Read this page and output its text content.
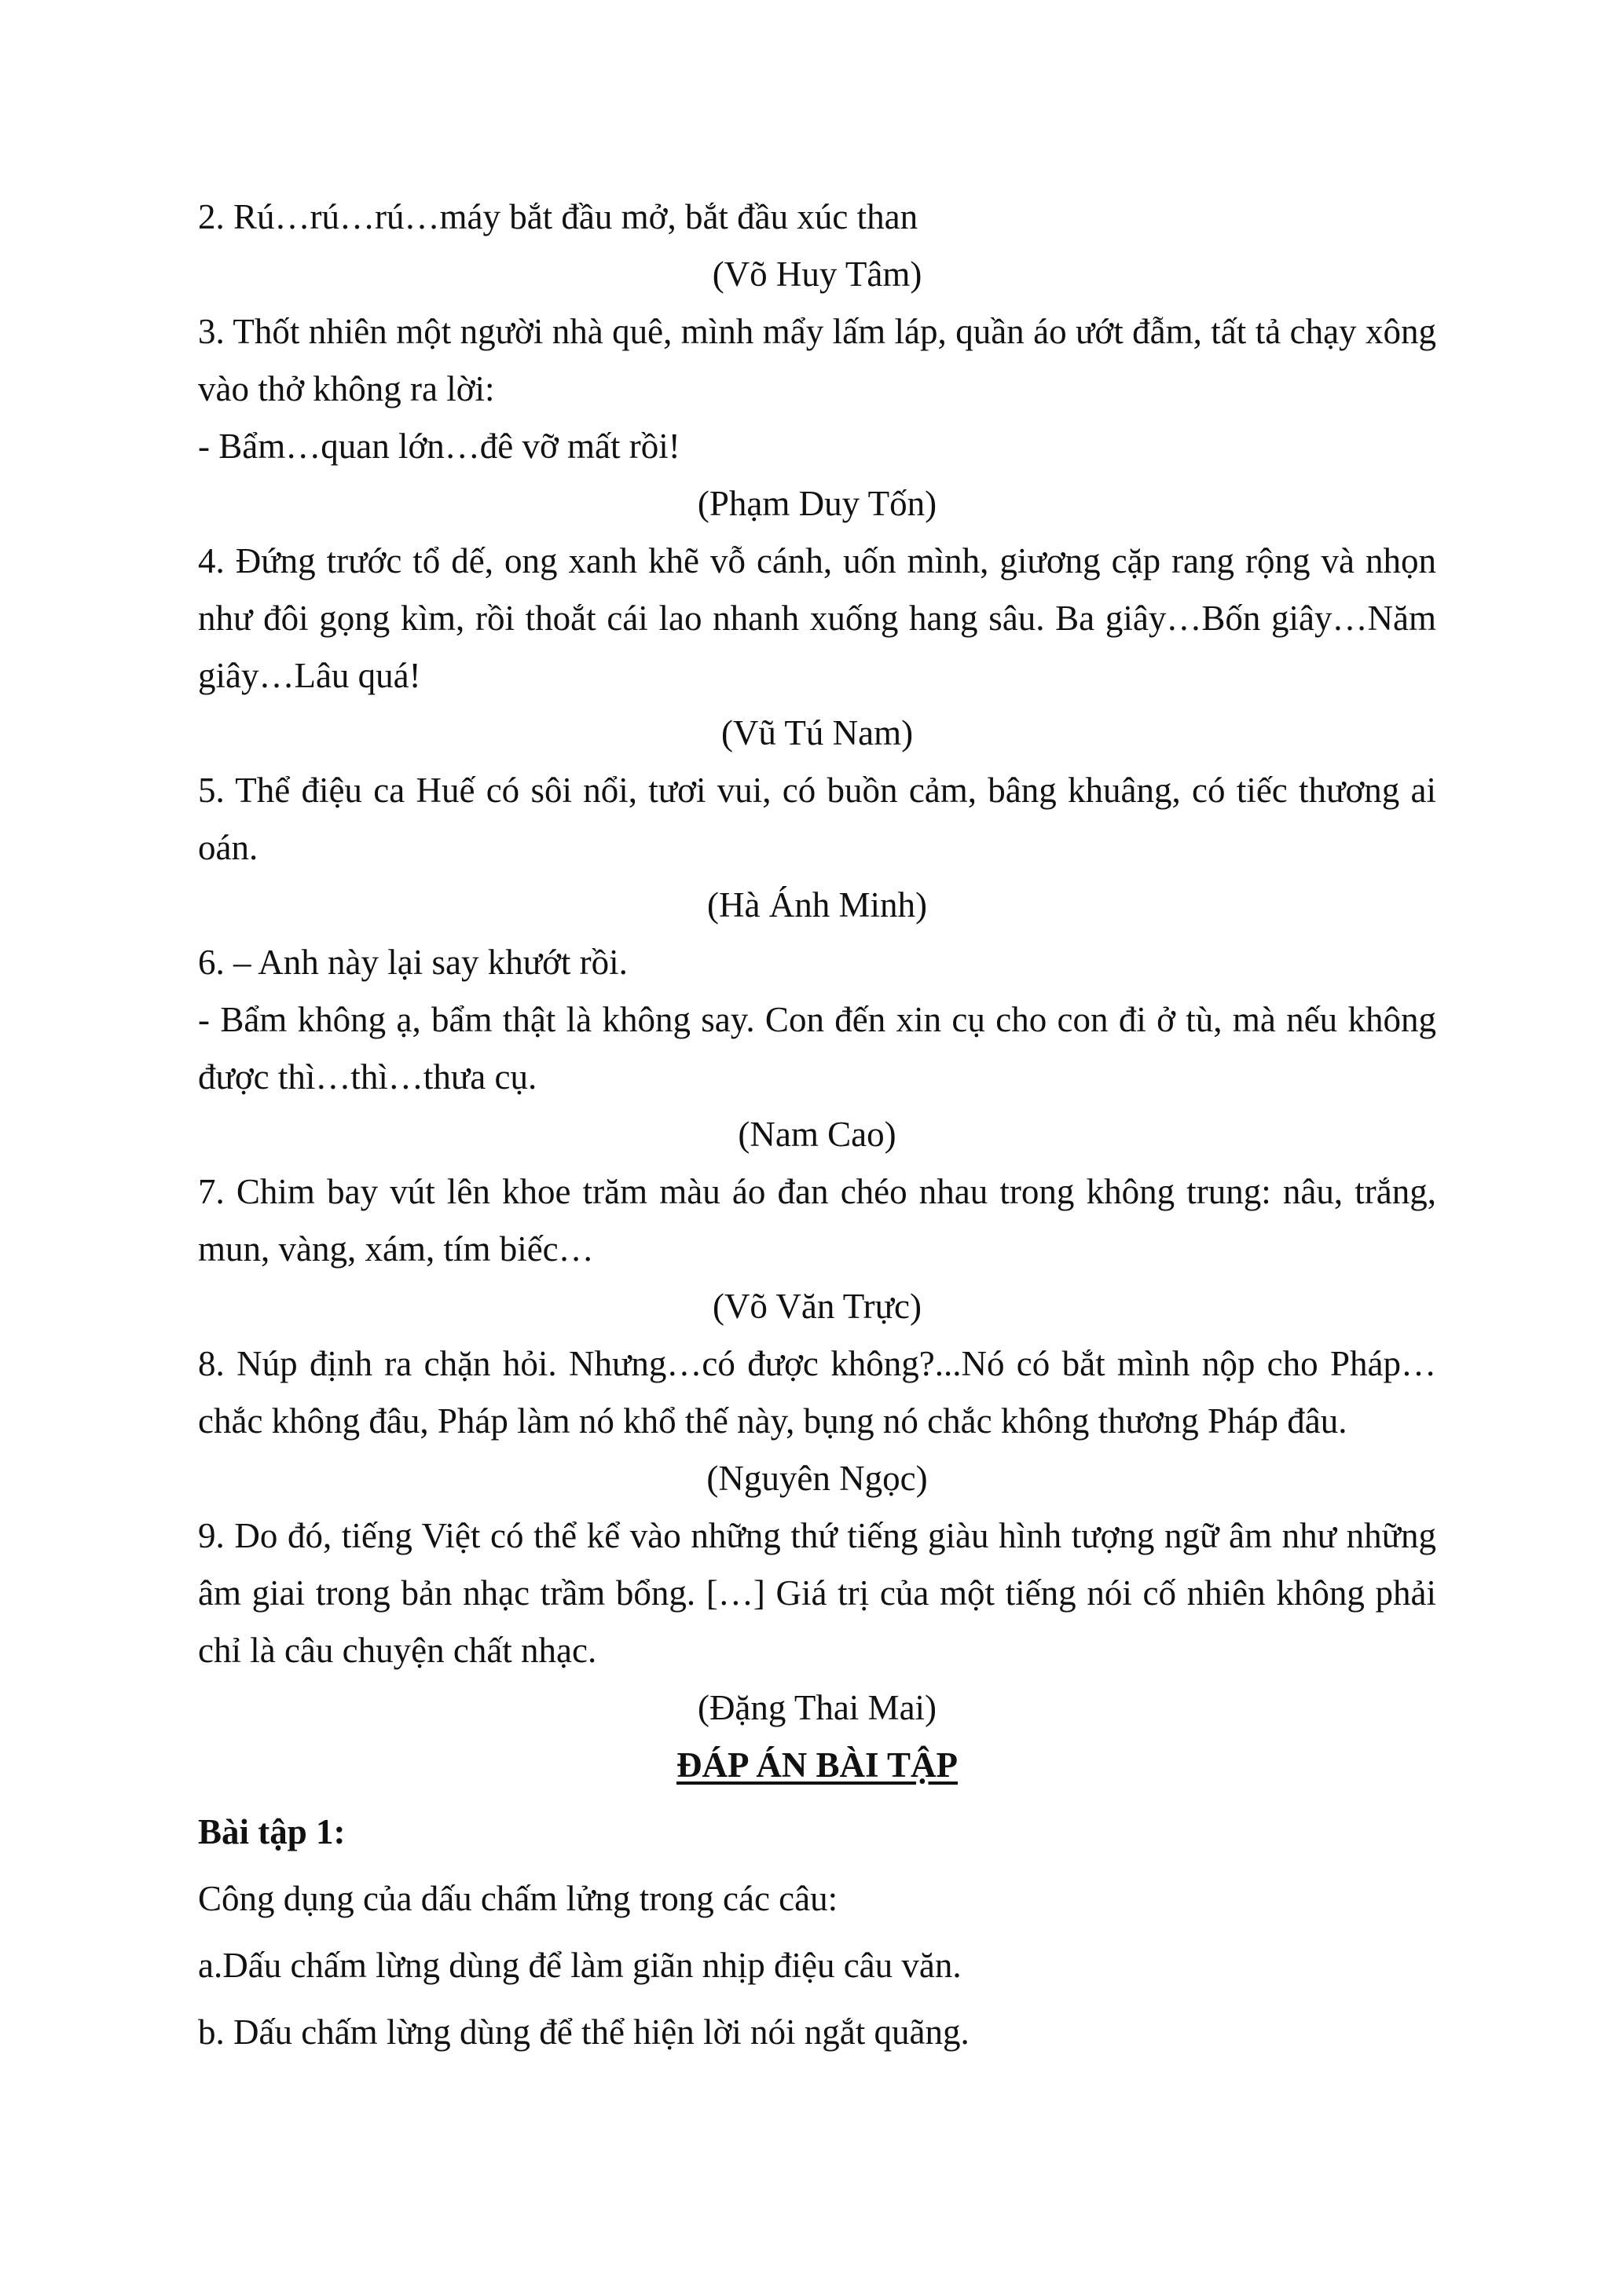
2. Rú…rú…rú…máy bắt đầu mở, bắt đầu xúc than

(Võ Huy Tâm)

3. Thốt nhiên một người nhà quê, mình mẩy lấm láp, quần áo ướt đẫm, tất tả chạy xông vào thở không ra lời:

- Bẩm…quan lớn…đê vỡ mất rồi!

(Phạm Duy Tốn)

4. Đứng trước tổ dế, ong xanh khẽ vỗ cánh, uốn mình, giương cặp rang rộng và nhọn như đôi gọng kìm, rồi thoắt cái lao nhanh xuống hang sâu. Ba giây…Bốn giây…Năm giây…Lâu quá!

(Vũ Tú Nam)

5. Thể điệu ca Huế có sôi nổi, tươi vui, có buồn cảm, bâng khuâng, có tiếc thương ai oán.

(Hà Ánh Minh)

6. – Anh này lại say khướt rồi.

- Bẩm không ạ, bẩm thật là không say. Con đến xin cụ cho con đi ở tù, mà nếu không được thì…thì…thưa cụ.

(Nam Cao)

7. Chim bay vút lên khoe trăm màu áo đan chéo nhau trong không trung: nâu, trắng, mun, vàng, xám, tím biếc…

(Võ Văn Trực)

8. Núp định ra chặn hỏi. Nhưng…có được không?...Nó có bắt mình nộp cho Pháp…chắc không đâu, Pháp làm nó khổ thế này, bụng nó chắc không thương Pháp đâu.

(Nguyên Ngọc)

9. Do đó, tiếng Việt có thể kể vào những thứ tiếng giàu hình tượng ngữ âm như những âm giai trong bản nhạc trầm bổng. […] Giá trị của một tiếng nói cố nhiên không phải chỉ là câu chuyện chất nhạc.

(Đặng Thai Mai)

ĐÁP ÁN BÀI TẬP

Bài tập 1:

Công dụng của dấu chấm lửng trong các câu:

a.Dấu chấm lừng dùng để làm giãn nhịp điệu câu văn.

b. Dấu chấm lừng dùng để thể hiện lời nói ngắt quãng.
